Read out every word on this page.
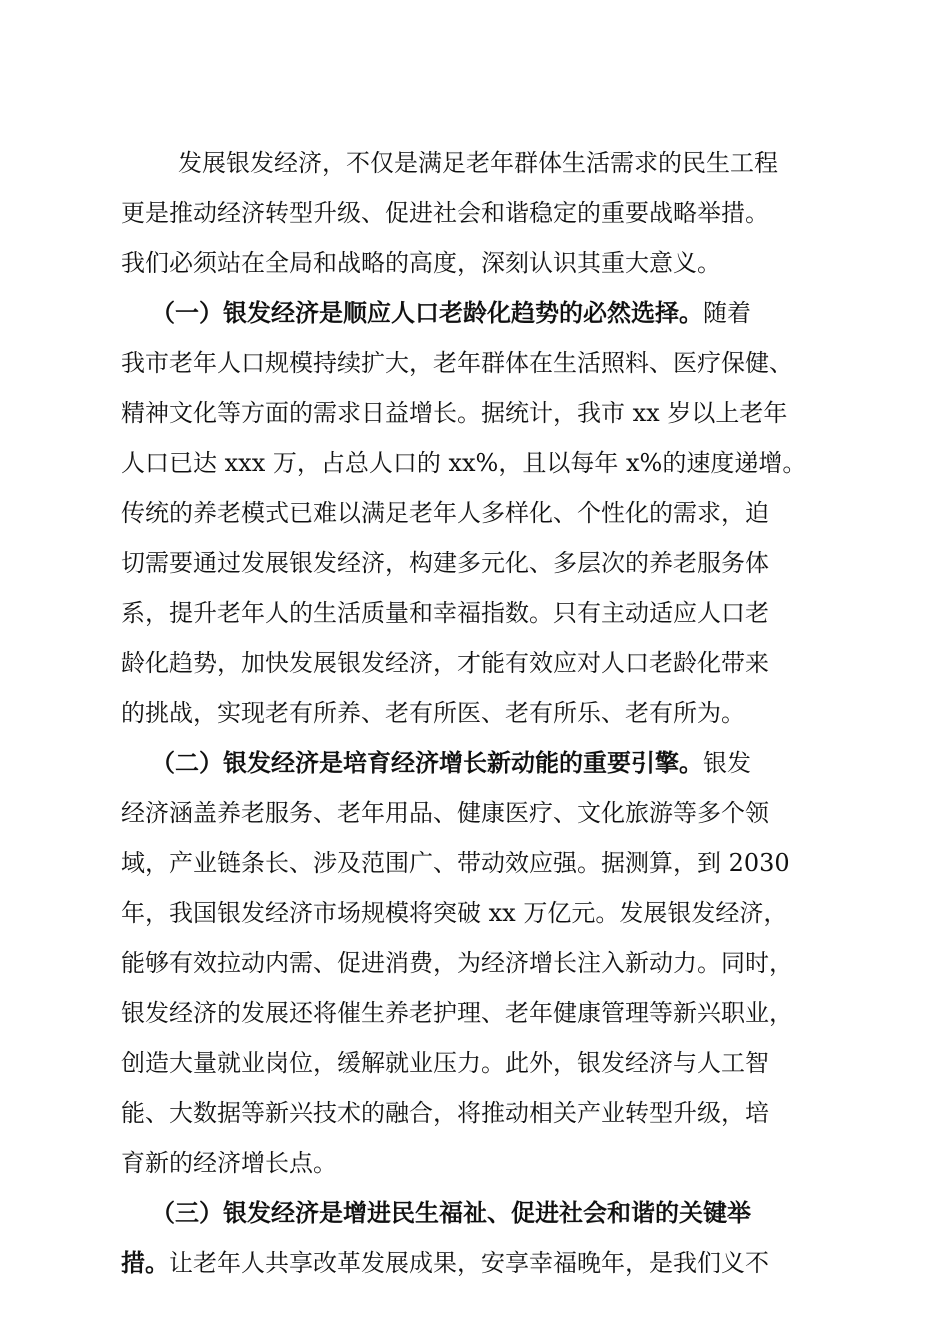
发展银发经济，不仅是满足老年群体生活需求的民生工程
更是推动经济转型升级、促进社会和谐稳定的重要战略举措。
我们必须站在全局和战略的高度，深刻认识其重大意义。
（一）银发经济是顺应人口老龄化趋势的必然选择。随着
我市老年人口规模持续扩大，老年群体在生活照料、医疗保健、
精神文化等方面的需求日益增长。据统计，我市 xx 岁以上老年
人口已达 xxx 万，占总人口的 xx%，且以每年 x%的速度递增。
传统的养老模式已难以满足老年人多样化、个性化的需求，迫
切需要通过发展银发经济，构建多元化、多层次的养老服务体
系，提升老年人的生活质量和幸福指数。只有主动适应人口老
龄化趋势，加快发展银发经济，才能有效应对人口老龄化带来
的挑战，实现老有所养、老有所医、老有所乐、老有所为。
（二）银发经济是培育经济增长新动能的重要引擎。银发
经济涵盖养老服务、老年用品、健康医疗、文化旅游等多个领
域，产业链条长、涉及范围广、带动效应强。据测算，到 2030
年，我国银发经济市场规模将突破 xx 万亿元。发展银发经济，
能够有效拉动内需、促进消费，为经济增长注入新动力。同时，
银发经济的发展还将催生养老护理、老年健康管理等新兴职业，
创造大量就业岗位，缓解就业压力。此外，银发经济与人工智
能、大数据等新兴技术的融合，将推动相关产业转型升级，培
育新的经济增长点。
（三）银发经济是增进民生福祉、促进社会和谐的关键举
措。让老年人共享改革发展成果，安享幸福晚年，是我们义不
